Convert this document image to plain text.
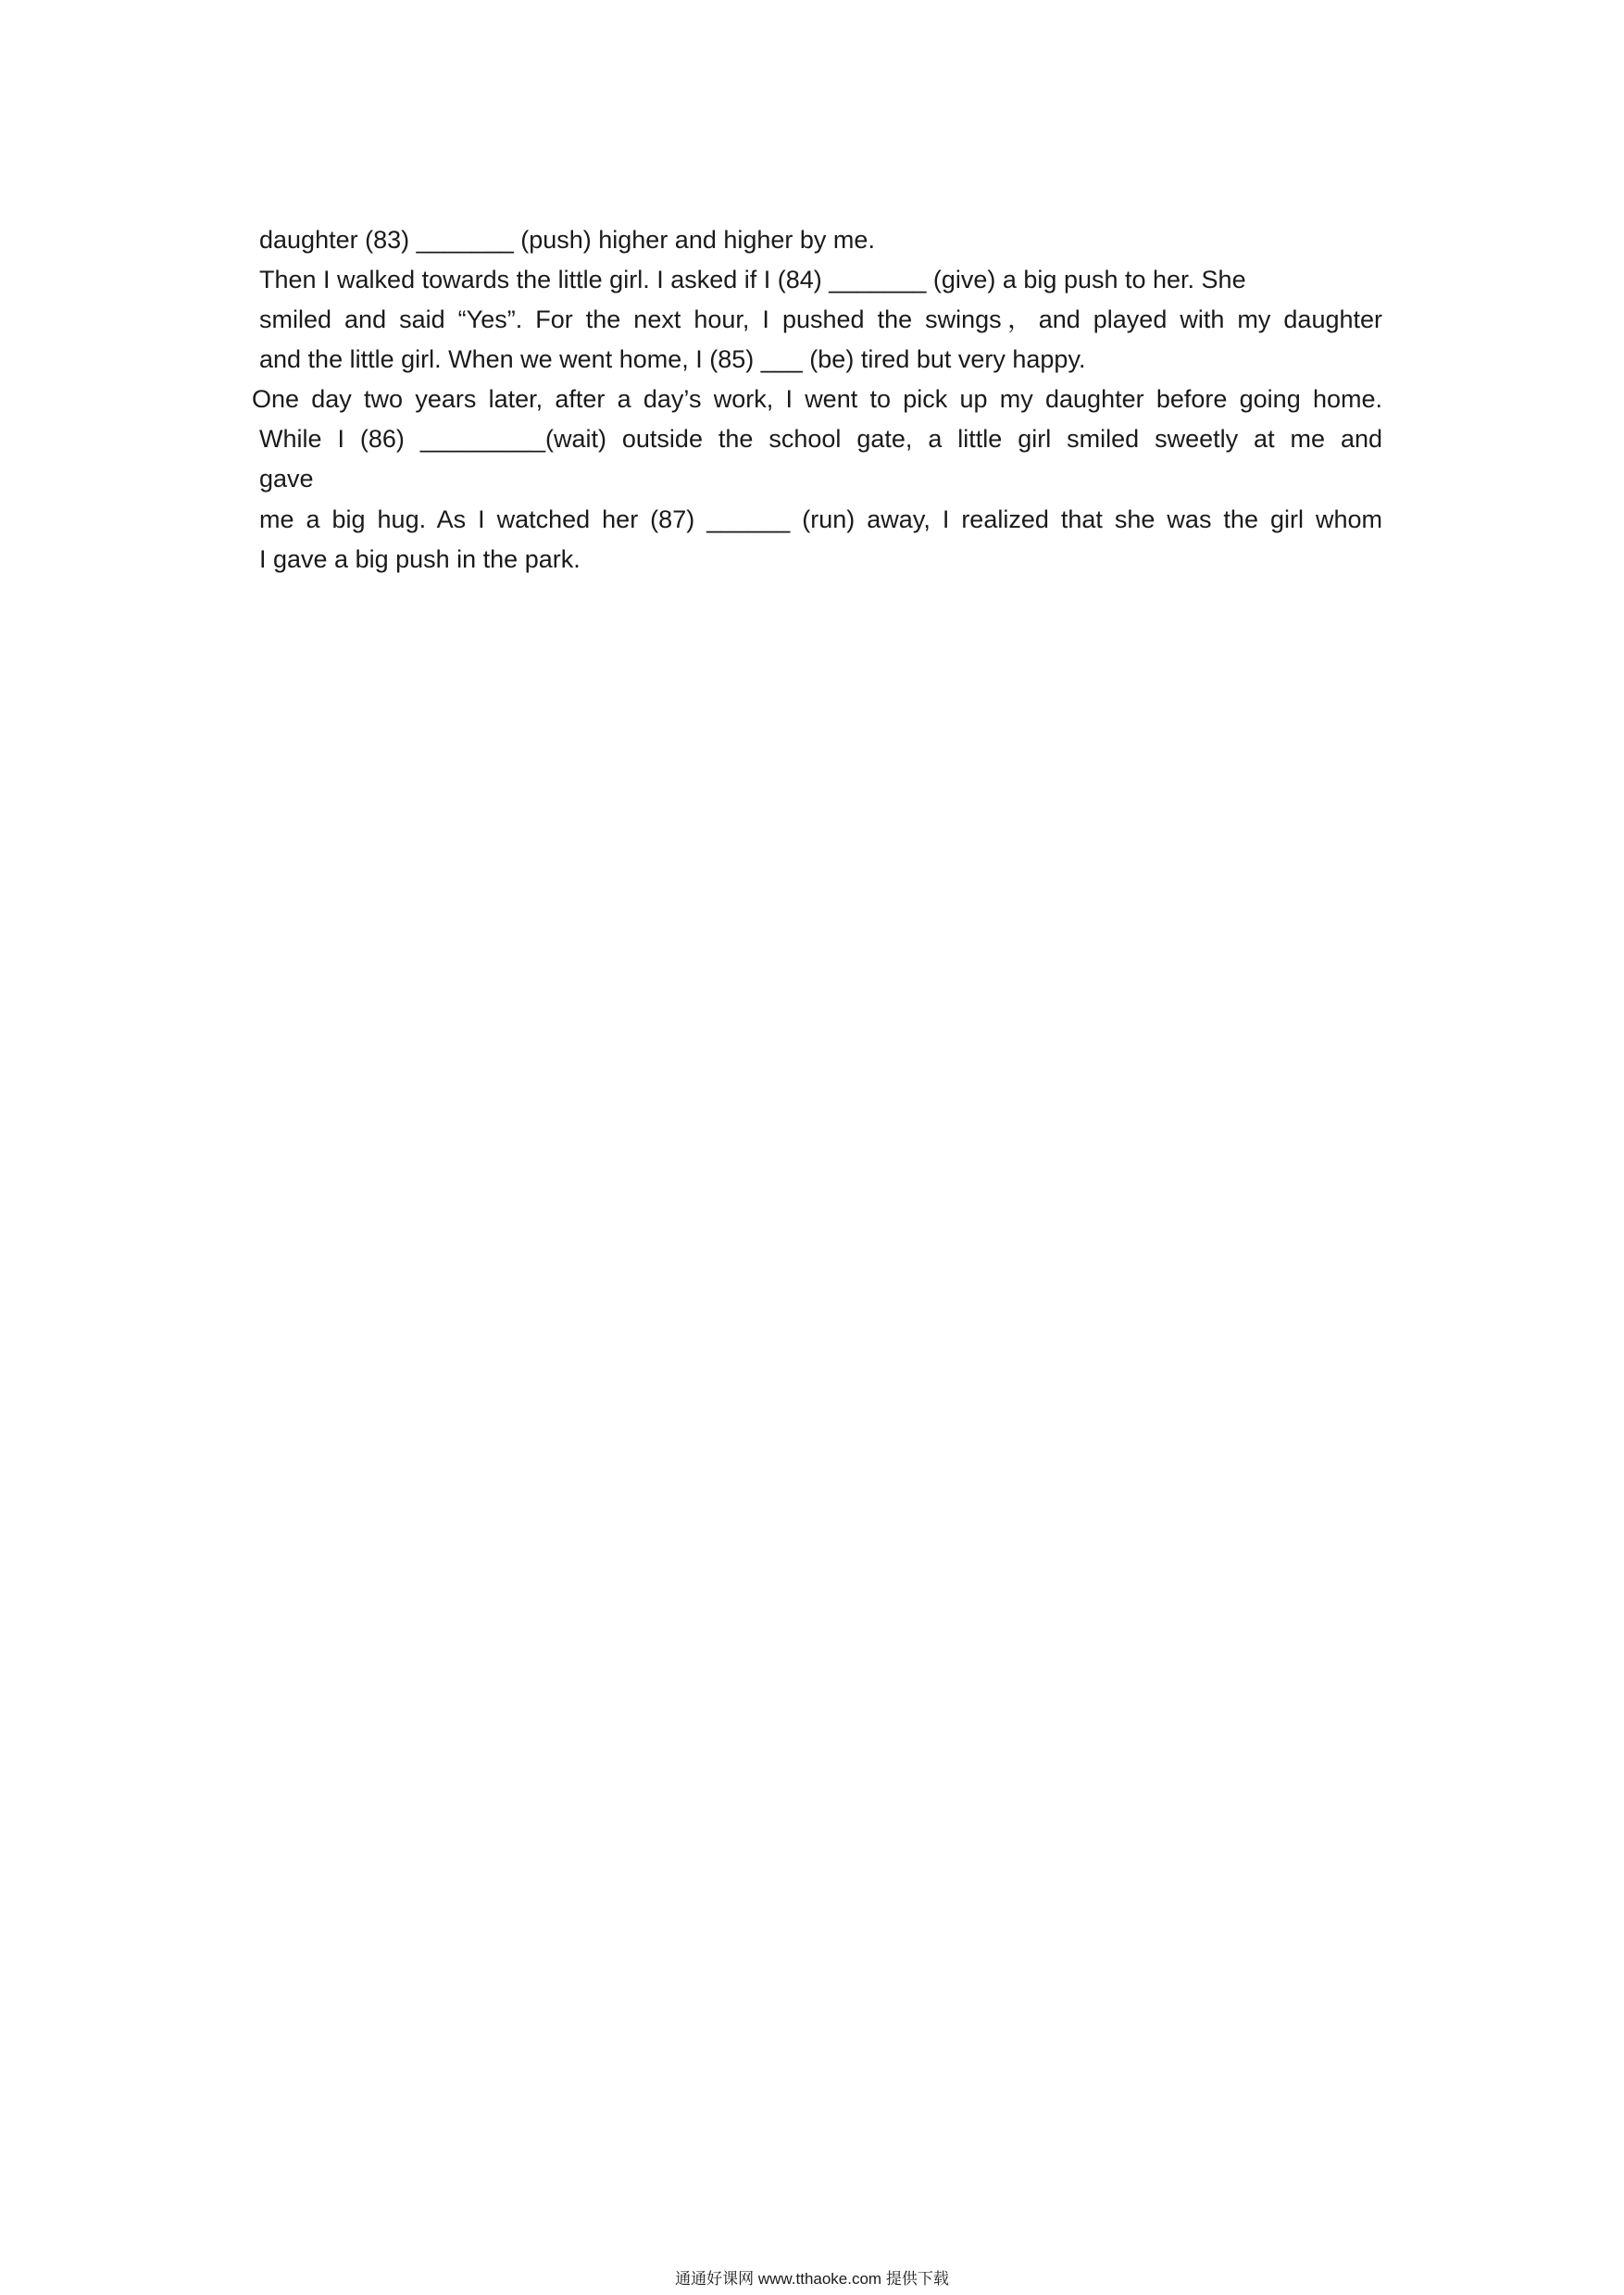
daughter (83) _______ (push) higher and higher by me.
Then I walked towards the little girl. I asked if I (84) _______ (give) a big push to her. She
smiled and said “Yes”. For the next hour, I pushed the swings，and played with my daughter
and the little girl. When we went home, I (85) ___ (be) tired but very happy.
One day two years later, after a day’s work, I went to pick up my daughter before going home.
While I (86) _________(wait) outside the school gate, a little girl smiled sweetly at me and
gave
me a big hug. As I watched her (87) ______ (run) away, I realized that she was the girl whom
I gave a big push in the park.
通通好课网 www.tthaoke.com 提供下载
